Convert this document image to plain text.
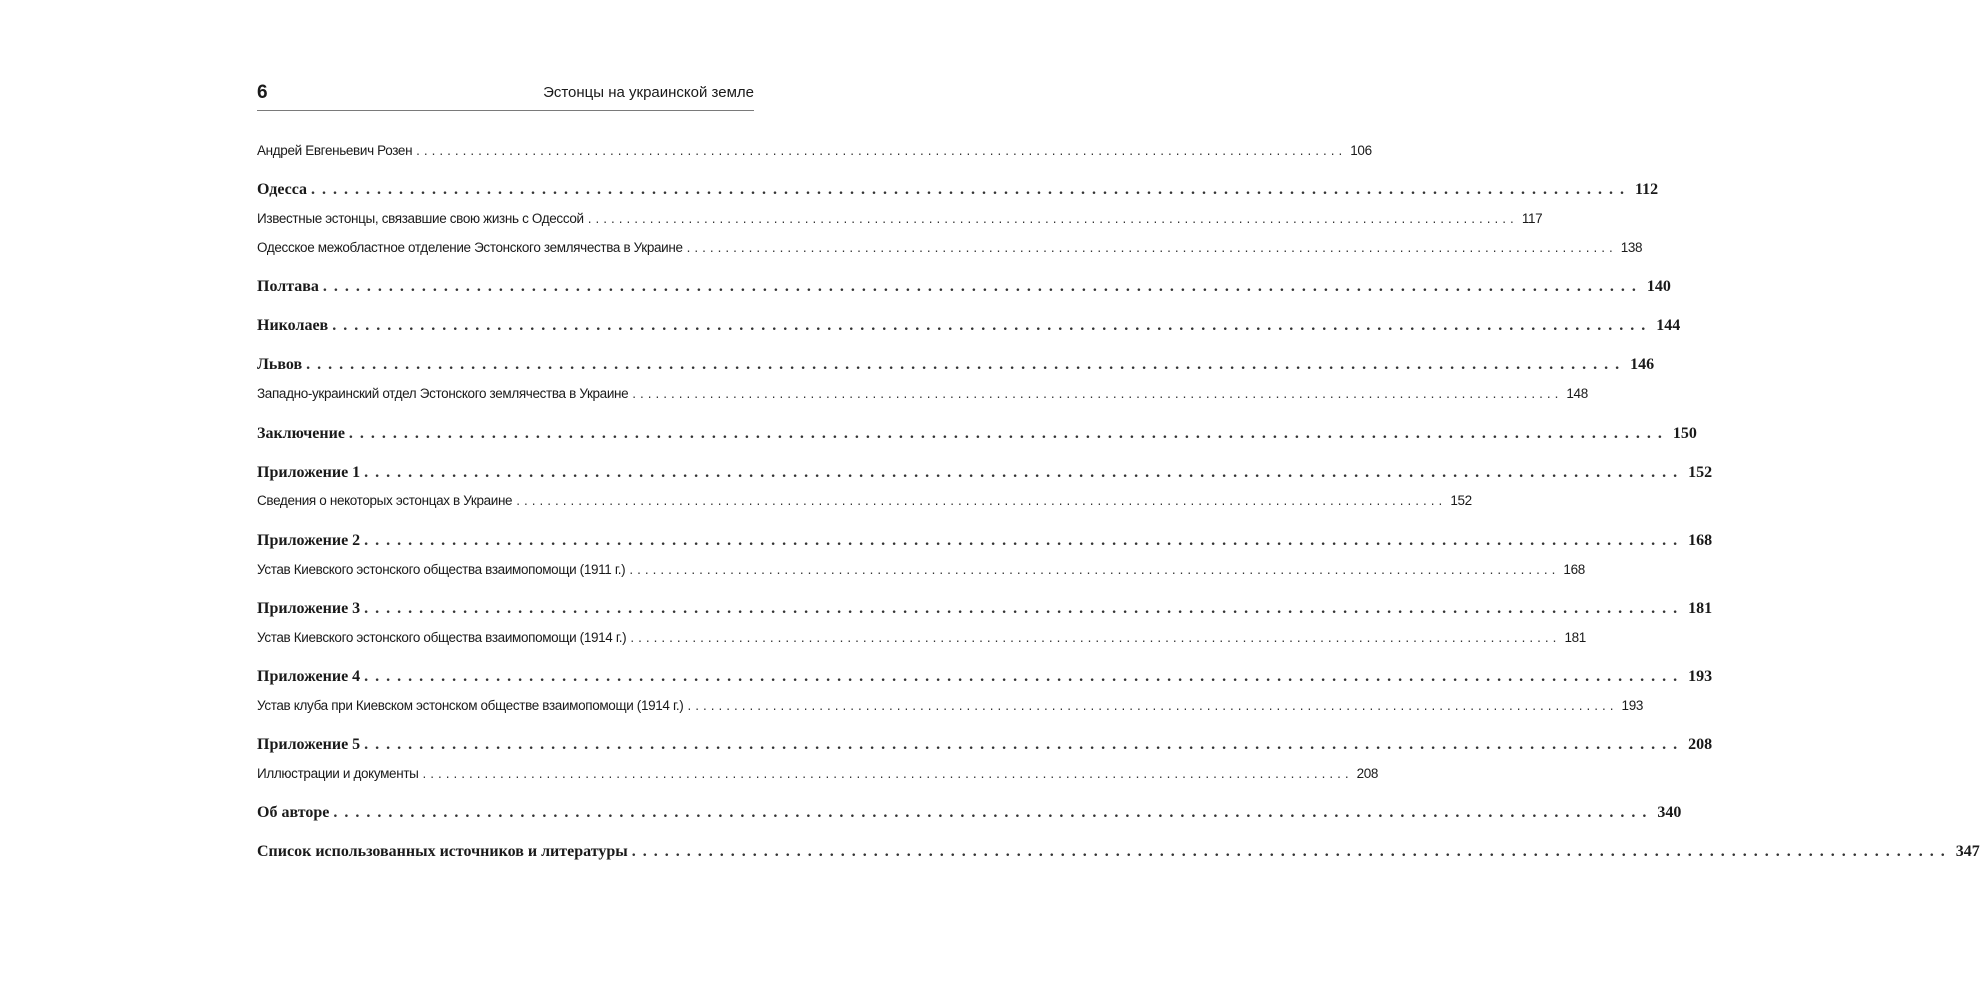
6	Эстонцы на украинской земле
Андрей Евгеньевич Розен ........................................................................................................................ 106
Одесса ........................................................................................................................ 112
Известные эстонцы, связавшие свою жизнь с Одессой ........................................................................................................................ 117
Одесское межобластное отделение Эстонского землячества в Украине ........................................................................................................................ 138
Полтава ........................................................................................................................ 140
Николаев ........................................................................................................................ 144
Львов ........................................................................................................................ 146
Западно-украинский отдел Эстонского землячества в Украине ........................................................................................................................ 148
Заключение ........................................................................................................................ 150
Приложение 1 ........................................................................................................................ 152
Сведения о некоторых эстонцах в Украине ........................................................................................................................ 152
Приложение 2 ........................................................................................................................ 168
Устав Киевского эстонского общества взаимопомощи (1911 г.) ........................................................................................................................ 168
Приложение 3 ........................................................................................................................ 181
Устав Киевского эстонского общества взаимопомощи (1914 г.) ........................................................................................................................ 181
Приложение 4 ........................................................................................................................ 193
Устав клуба при Киевском эстонском обществе взаимопомощи (1914 г.) ........................................................................................................................ 193
Приложение 5 ........................................................................................................................ 208
Иллюстрации и документы ........................................................................................................................ 208
Об авторе ........................................................................................................................ 340
Список использованных источников и литературы ........................................................................................................................ 347
